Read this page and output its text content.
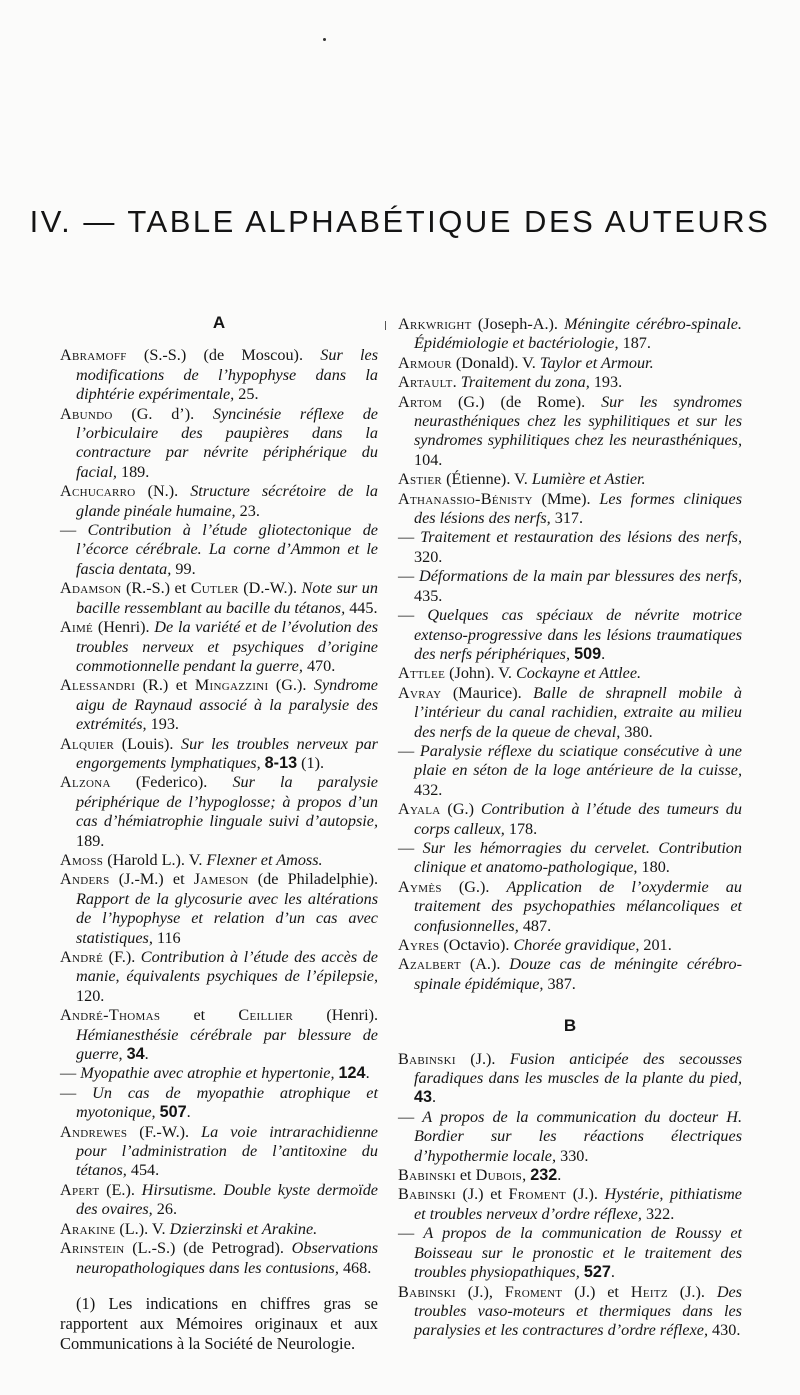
IV. — TABLE ALPHABÉTIQUE DES AUTEURS
A

Abramoff (S.-S.) (de Moscou). Sur les modifications de l’hypophyse dans la diphtérie expérimentale, 25.

Abundo (G. d’). Syncinésie réflexe de l’orbiculaire des paupières dans la contracture par névrite périphérique du facial, 189.

Achucarro (N.). Structure sécrétoire de la glande pinéale humaine, 23.

— Contribution à l’étude gliotectonique de l’écorce cérébrale. La corne d’Ammon et le fascia dentata, 99.

Adamson (R.-S.) et Cutler (D.-W.). Note sur un bacille ressemblant au bacille du tétanos, 445.

Aimé (Henri). De la variété et de l’évolution des troubles nerveux et psychiques d’origine commotionnelle pendant la guerre, 470.

Alessandri (R.) et Mingazzini (G.). Syndrome aigu de Raynaud associé à la paralysie des extrémités, 193.

Alquier (Louis). Sur les troubles nerveux par engorgements lymphatiques, 8-13 (1).

Alzona (Federico). Sur la paralysie périphérique de l’hypoglosse; à propos d’un cas d’hémiatrophie linguale suivi d’autopsie, 189.

Amoss (Harold L.). V. Flexner et Amoss.

Anders (J.-M.) et Jameson (de Philadelphie). Rapport de la glycosurie avec les altérations de l’hypophyse et relation d’un cas avec statistiques, 116

André (F.). Contribution à l’étude des accès de manie, équivalents psychiques de l’épilepsie, 120.

André-Thomas et Ceillier (Henri). Hémianesthésie cérébrale par blessure de guerre, 34.

— Myopathie avec atrophie et hypertonie, 124.

— Un cas de myopathie atrophique et myotonique, 507.

Andrewes (F.-W.). La voie intrarachidienne pour l’administration de l’antitoxine du tétanos, 454.

Apert (E.). Hirsutisme. Double kyste dermoïde des ovaires, 26.

Arakine (L.). V. Dzierzinski et Arakine.

Arinstein (L.-S.) (de Petrograd). Observations neuropathologiques dans les contusions, 468.

(1) Les indications en chiffres gras se rapportent aux Mémoires originaux et aux Communications à la Société de Neurologie.

Arkwright (Joseph-A.). Méningite cérébro-spinale. Épidémiologie et bactériologie, 187.

Armour (Donald). V. Taylor et Armour.

Artault. Traitement du zona, 193.

Artom (G.) (de Rome). Sur les syndromes neurasthéniques chez les syphilitiques et sur les syndromes syphilitiques chez les neurasthéniques, 104.

Astier (Étienne). V. Lumière et Astier.

Athanassio-Bénisty (Mme). Les formes cliniques des lésions des nerfs, 317.

— Traitement et restauration des lésions des nerfs, 320.

— Déformations de la main par blessures des nerfs, 435.

— Quelques cas spéciaux de névrite motrice extenso-progressive dans les lésions traumatiques des nerfs périphériques, 509.

Attlee (John). V. Cockayne et Attlee.

Avray (Maurice). Balle de shrapnell mobile à l’intérieur du canal rachidien, extraite au milieu des nerfs de la queue de cheval, 380.

— Paralysie réflexe du sciatique consécutive à une plaie en séton de la loge antérieure de la cuisse, 432.

Ayala (G.) Contribution à l’étude des tumeurs du corps calleux, 178.

— Sur les hémorragies du cervelet. Contribution clinique et anatomo-pathologique, 180.

Aymès (G.). Application de l’oxydermie au traitement des psychopathies mélancoliques et confusionnelles, 487.

Ayres (Octavio). Chorée gravidique, 201.

Azalbert (A.). Douze cas de méningite cérébro-spinale épidémique, 387.

B

Babinski (J.). Fusion anticipée des secousses faradiques dans les muscles de la plante du pied, 43.

— A propos de la communication du docteur H. Bordier sur les réactions électriques d’hypothermie locale, 330.

Babinski et Dubois, 232.

Babinski (J.) et Froment (J.). Hystérie, pithiatisme et troubles nerveux d’ordre réflexe, 322.

— A propos de la communication de Roussy et Boisseau sur le pronostic et le traitement des troubles physiopathiques, 527.

Babinski (J.), Froment (J.) et Heitz (J.). Des troubles vaso-moteurs et thermiques dans les paralysies et les contractures d’ordre réflexe, 430.
